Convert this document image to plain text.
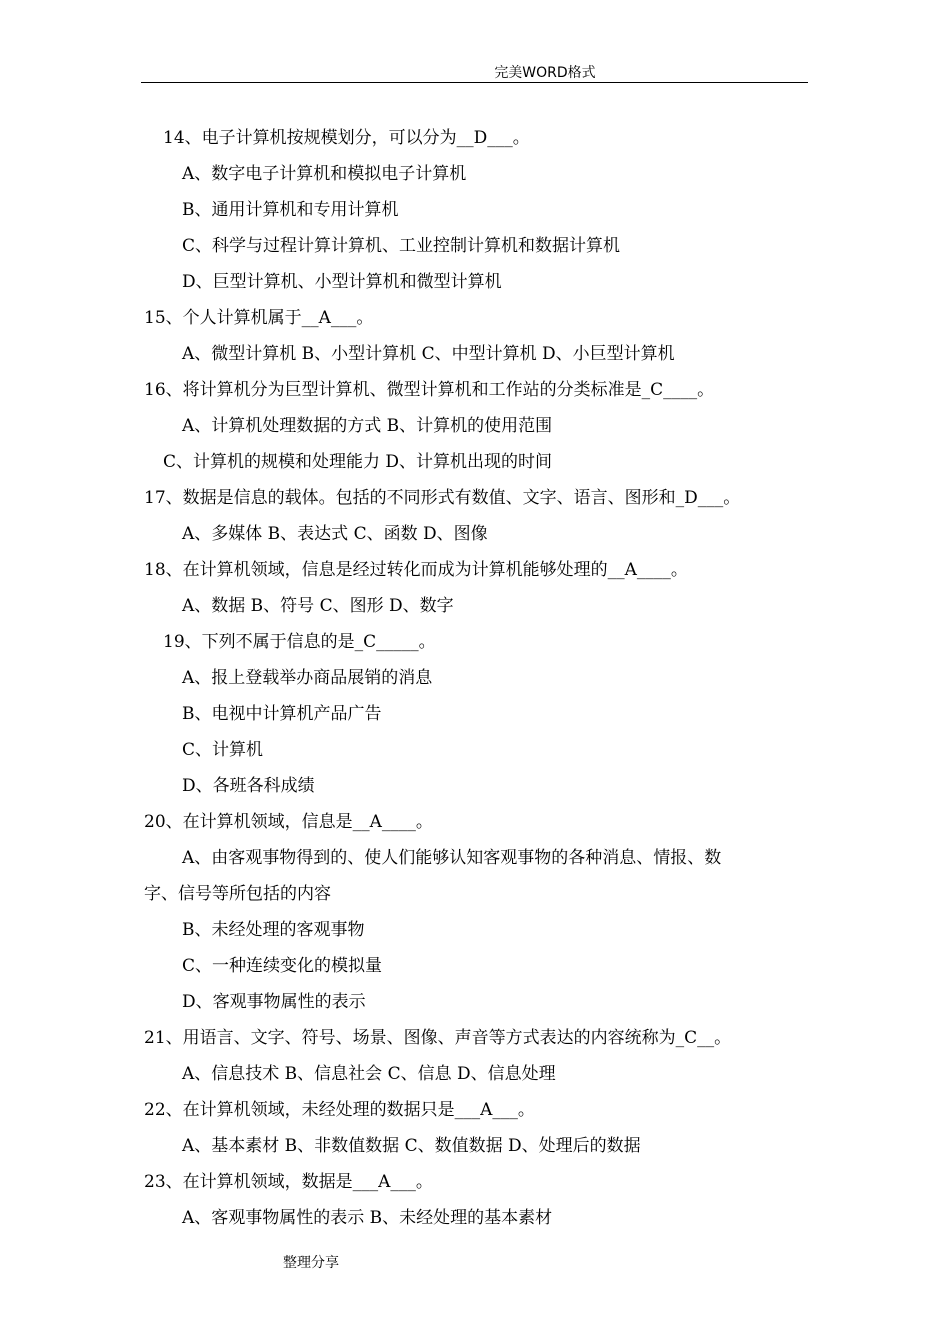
完美WORD格式
14、电子计算机按规模划分，可以分为__D___。
A、数字电子计算机和模拟电子计算机
B、通用计算机和专用计算机
C、科学与过程计算计算机、工业控制计算机和数据计算机
D、巨型计算机、小型计算机和微型计算机
15、个人计算机属于__A___。
A、微型计算机 B、小型计算机 C、中型计算机 D、小巨型计算机
16、将计算机分为巨型计算机、微型计算机和工作站的分类标准是_C____。
A、计算机处理数据的方式 B、计算机的使用范围
C、计算机的规模和处理能力 D、计算机出现的时间
17、数据是信息的载体。包括的不同形式有数值、文字、语言、图形和_D___。
A、多媒体 B、表达式 C、函数 D、图像
18、在计算机领域，信息是经过转化而成为计算机能够处理的__A____。
A、数据 B、符号 C、图形 D、数字
19、下列不属于信息的是_C_____。
A、报上登载举办商品展销的消息
B、电视中计算机产品广告
C、计算机
D、各班各科成绩
20、在计算机领域，信息是__A____。
A、由客观事物得到的、使人们能够认知客观事物的各种消息、情报、数
字、信号等所包括的内容
B、未经处理的客观事物
C、一种连续变化的模拟量
D、客观事物属性的表示
21、用语言、文字、符号、场景、图像、声音等方式表达的内容统称为_C__。
A、信息技术 B、信息社会 C、信息 D、信息处理
22、在计算机领域，未经处理的数据只是___A___。
A、基本素材 B、非数值数据 C、数值数据 D、处理后的数据
23、在计算机领域，数据是___A___。
A、客观事物属性的表示 B、未经处理的基本素材
整理分享
